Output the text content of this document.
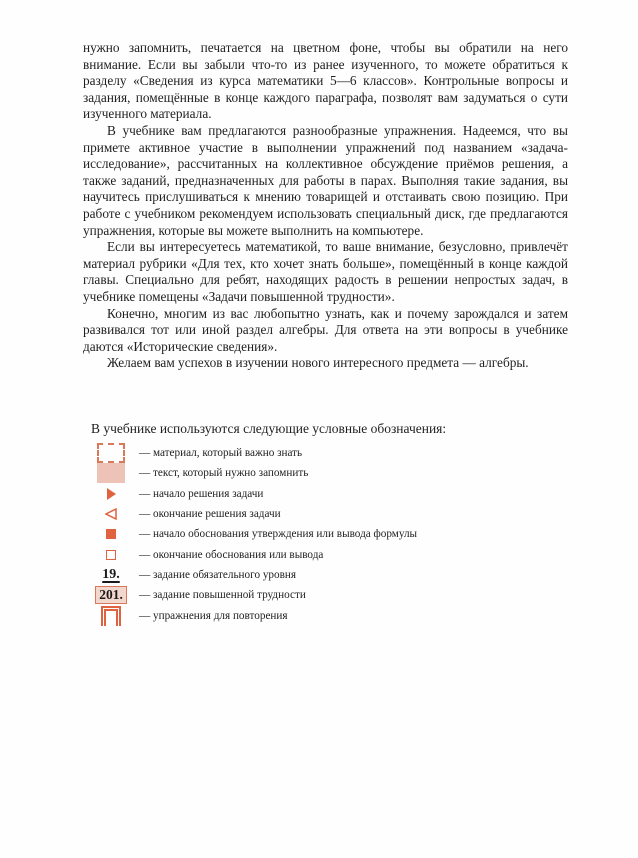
нужно запомнить, печатается на цветном фоне, чтобы вы обратили на него внимание. Если вы забыли что-то из ранее изученного, то можете обратиться к разделу «Сведения из курса математики 5—6 классов». Контрольные вопросы и задания, помещённые в конце каждого параграфа, позволят вам задуматься о сути изученного материала.

В учебнике вам предлагаются разнообразные упражнения. Надеемся, что вы примете активное участие в выполнении упражнений под названием «задача-исследование», рассчитанных на коллективное обсуждение приёмов решения, а также заданий, предназначенных для работы в парах. Выполняя такие задания, вы научитесь прислушиваться к мнению товарищей и отстаивать свою позицию. При работе с учебником рекомендуем использовать специальный диск, где предлагаются упражнения, которые вы можете выполнить на компьютере.

Если вы интересуетесь математикой, то ваше внимание, безусловно, привлечёт материал рубрики «Для тех, кто хочет знать больше», помещённый в конце каждой главы. Специально для ребят, находящих радость в решении непростых задач, в учебнике помещены «Задачи повышенной трудности».

Конечно, многим из вас любопытно узнать, как и почему зарождался и затем развивался тот или иной раздел алгебры. Для ответа на эти вопросы в учебнике даются «Исторические сведения».

Желаем вам успехов в изучении нового интересного предмета — алгебры.

В учебнике используются следующие условные обозначения:
— материал, который важно знать
— текст, который нужно запомнить
— начало решения задачи
— окончание решения задачи
— начало обоснования утверждения или вывода формулы
— окончание обоснования или вывода
19. — задание обязательного уровня
201.	— задание повышенной трудности
— упражнения для повторения
